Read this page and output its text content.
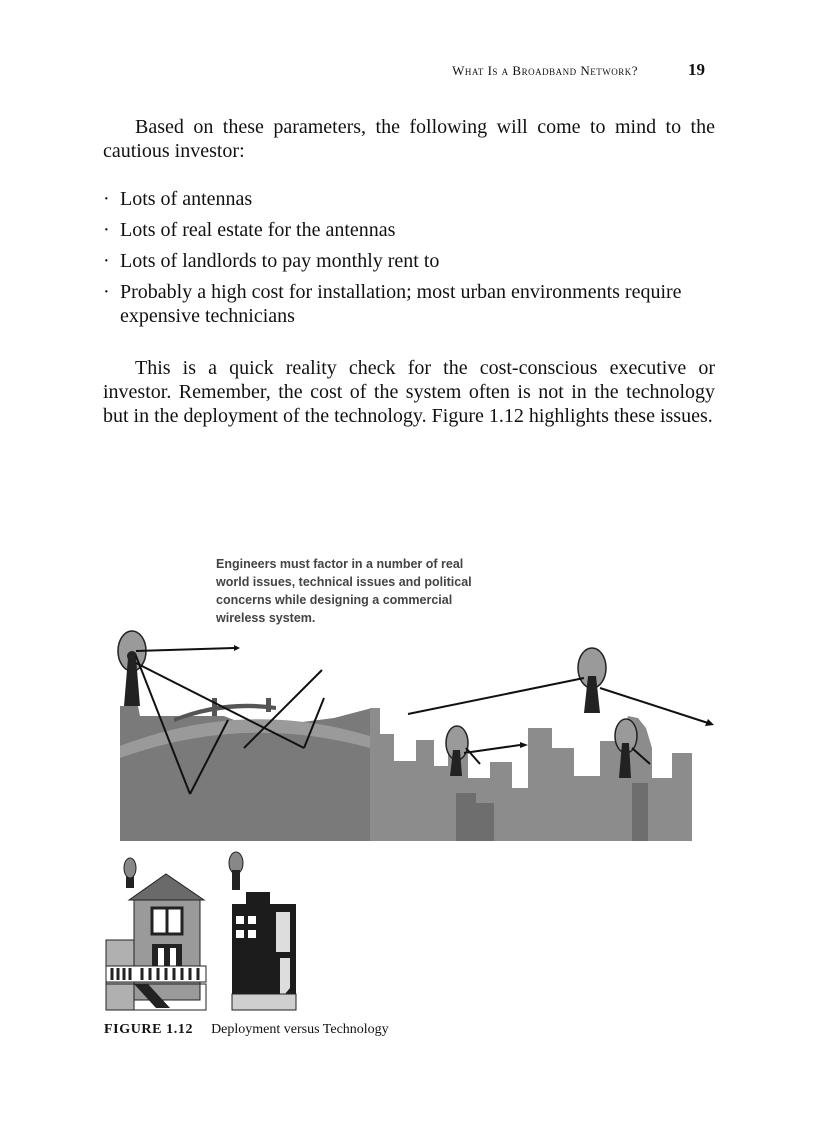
What Is a Broadband Network?	19
Based on these parameters, the following will come to mind to the cautious investor:
· Lots of antennas
· Lots of real estate for the antennas
· Lots of landlords to pay monthly rent to
· Probably a high cost for installation; most urban environments require expensive technicians
This is a quick reality check for the cost-conscious executive or investor. Remember, the cost of the system often is not in the technology but in the deployment of the technology. Figure 1.12 highlights these issues.
Engineers must factor in a number of real
world issues, technical issues and political
concerns while designing a commercial
wireless system.
FIGURE 1.12 Deployment versus Technology
